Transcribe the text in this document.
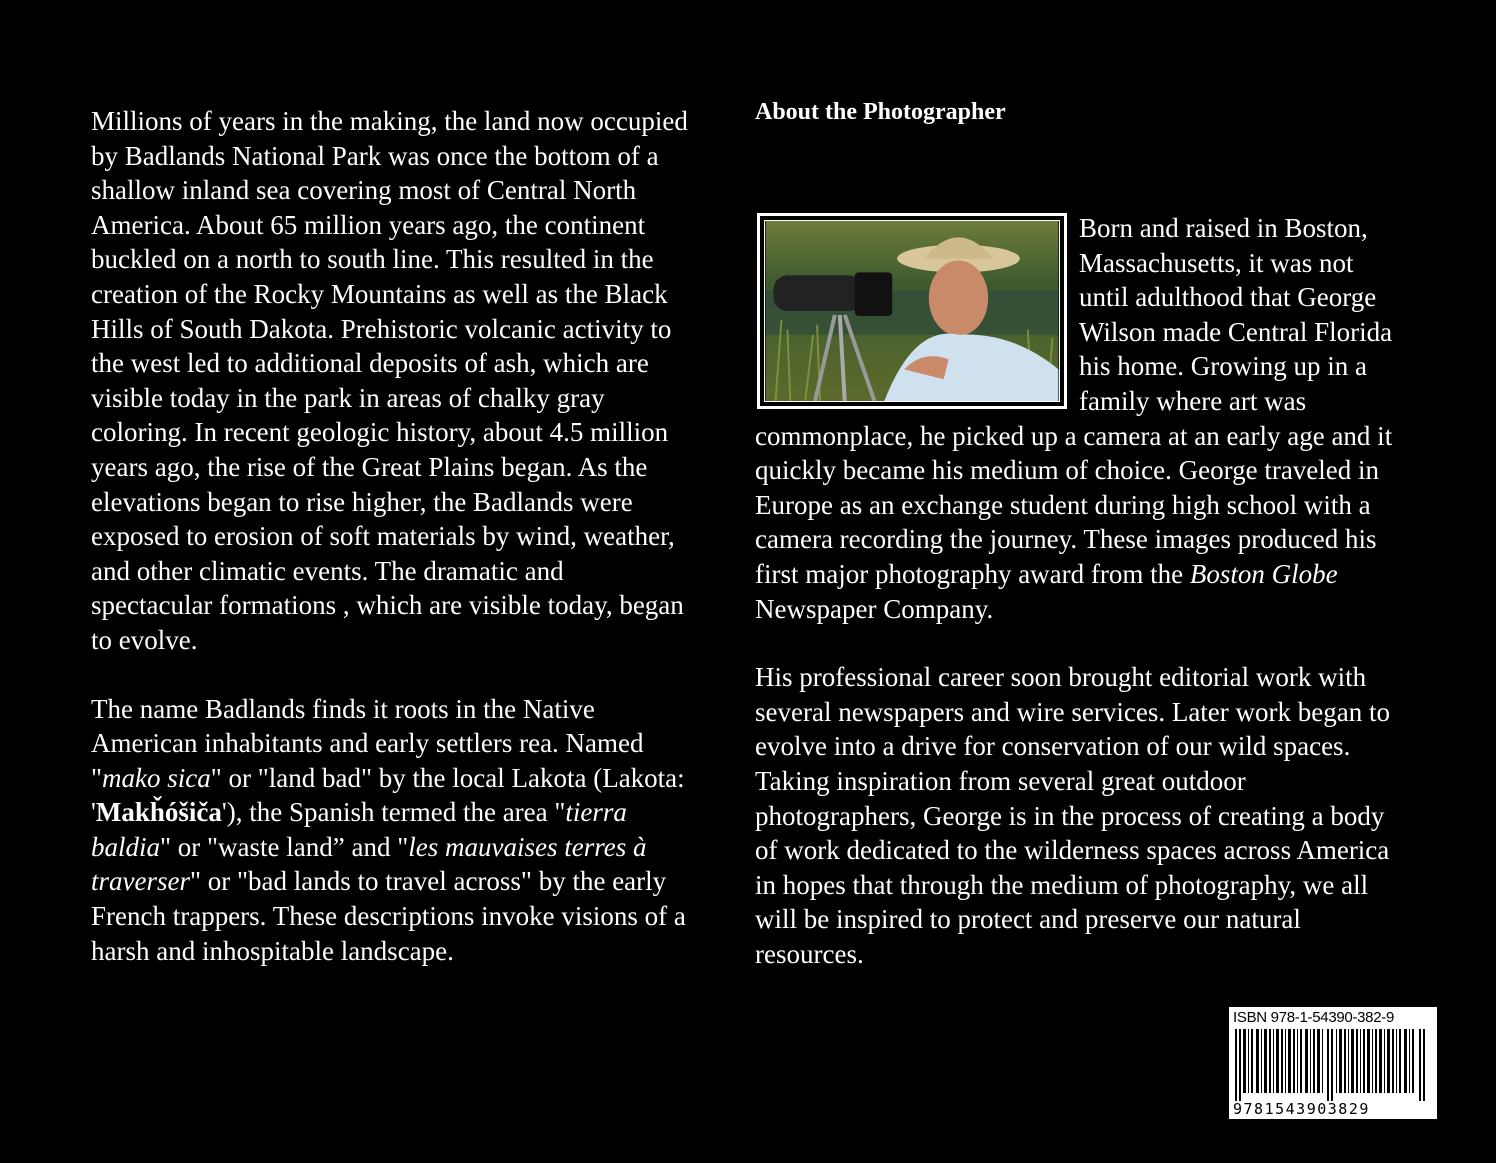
Millions of years in the making, the land now occupied by Badlands National Park was once the bottom of a shallow inland sea covering most of Central North America. About 65 million years ago, the continent buckled on a north to south line. This resulted in the creation of the Rocky Mountains as well as the Black Hills of South Dakota. Prehistoric volcanic activity to the west led to additional deposits of ash, which are visible today in the park in areas of chalky gray coloring. In recent geologic history, about 4.5 million years ago, the rise of the Great Plains began. As the elevations began to rise higher, the Badlands were exposed to erosion of soft materials by wind, weather, and other climatic events. The dramatic and spectacular formations , which are visible today, began to evolve.

The name Badlands finds it roots in the Native American inhabitants and early settlers rea. Named "mako sica" or "land bad" by the local Lakota (Lakota: 'Makȟóšiča'), the Spanish termed the area "tierra baldia" or "waste land” and "les mauvaises terres à traverser" or "bad lands to travel across" by the early French trappers. These descriptions invoke visions of a harsh and inhospitable landscape.

About the Photographer

Born and raised in Boston, Massachusetts, it was not until adulthood that George Wilson made Central Florida his home. Growing up in a family where art was commonplace, he picked up a camera at an early age and it quickly became his medium of choice. George traveled in Europe as an exchange student during high school with a camera recording the journey. These images produced his first major photography award from the Boston Globe Newspaper Company.

His professional career soon brought editorial work with several newspapers and wire services. Later work began to evolve into a drive for conservation of our wild spaces. Taking inspiration from several great outdoor photographers, George is in the process of creating a body of work dedicated to the wilderness spaces across America in hopes that through the medium of photography, we all will be inspired to protect and preserve our natural resources.

ISBN 978-1-54390-382-9
9781543903829
